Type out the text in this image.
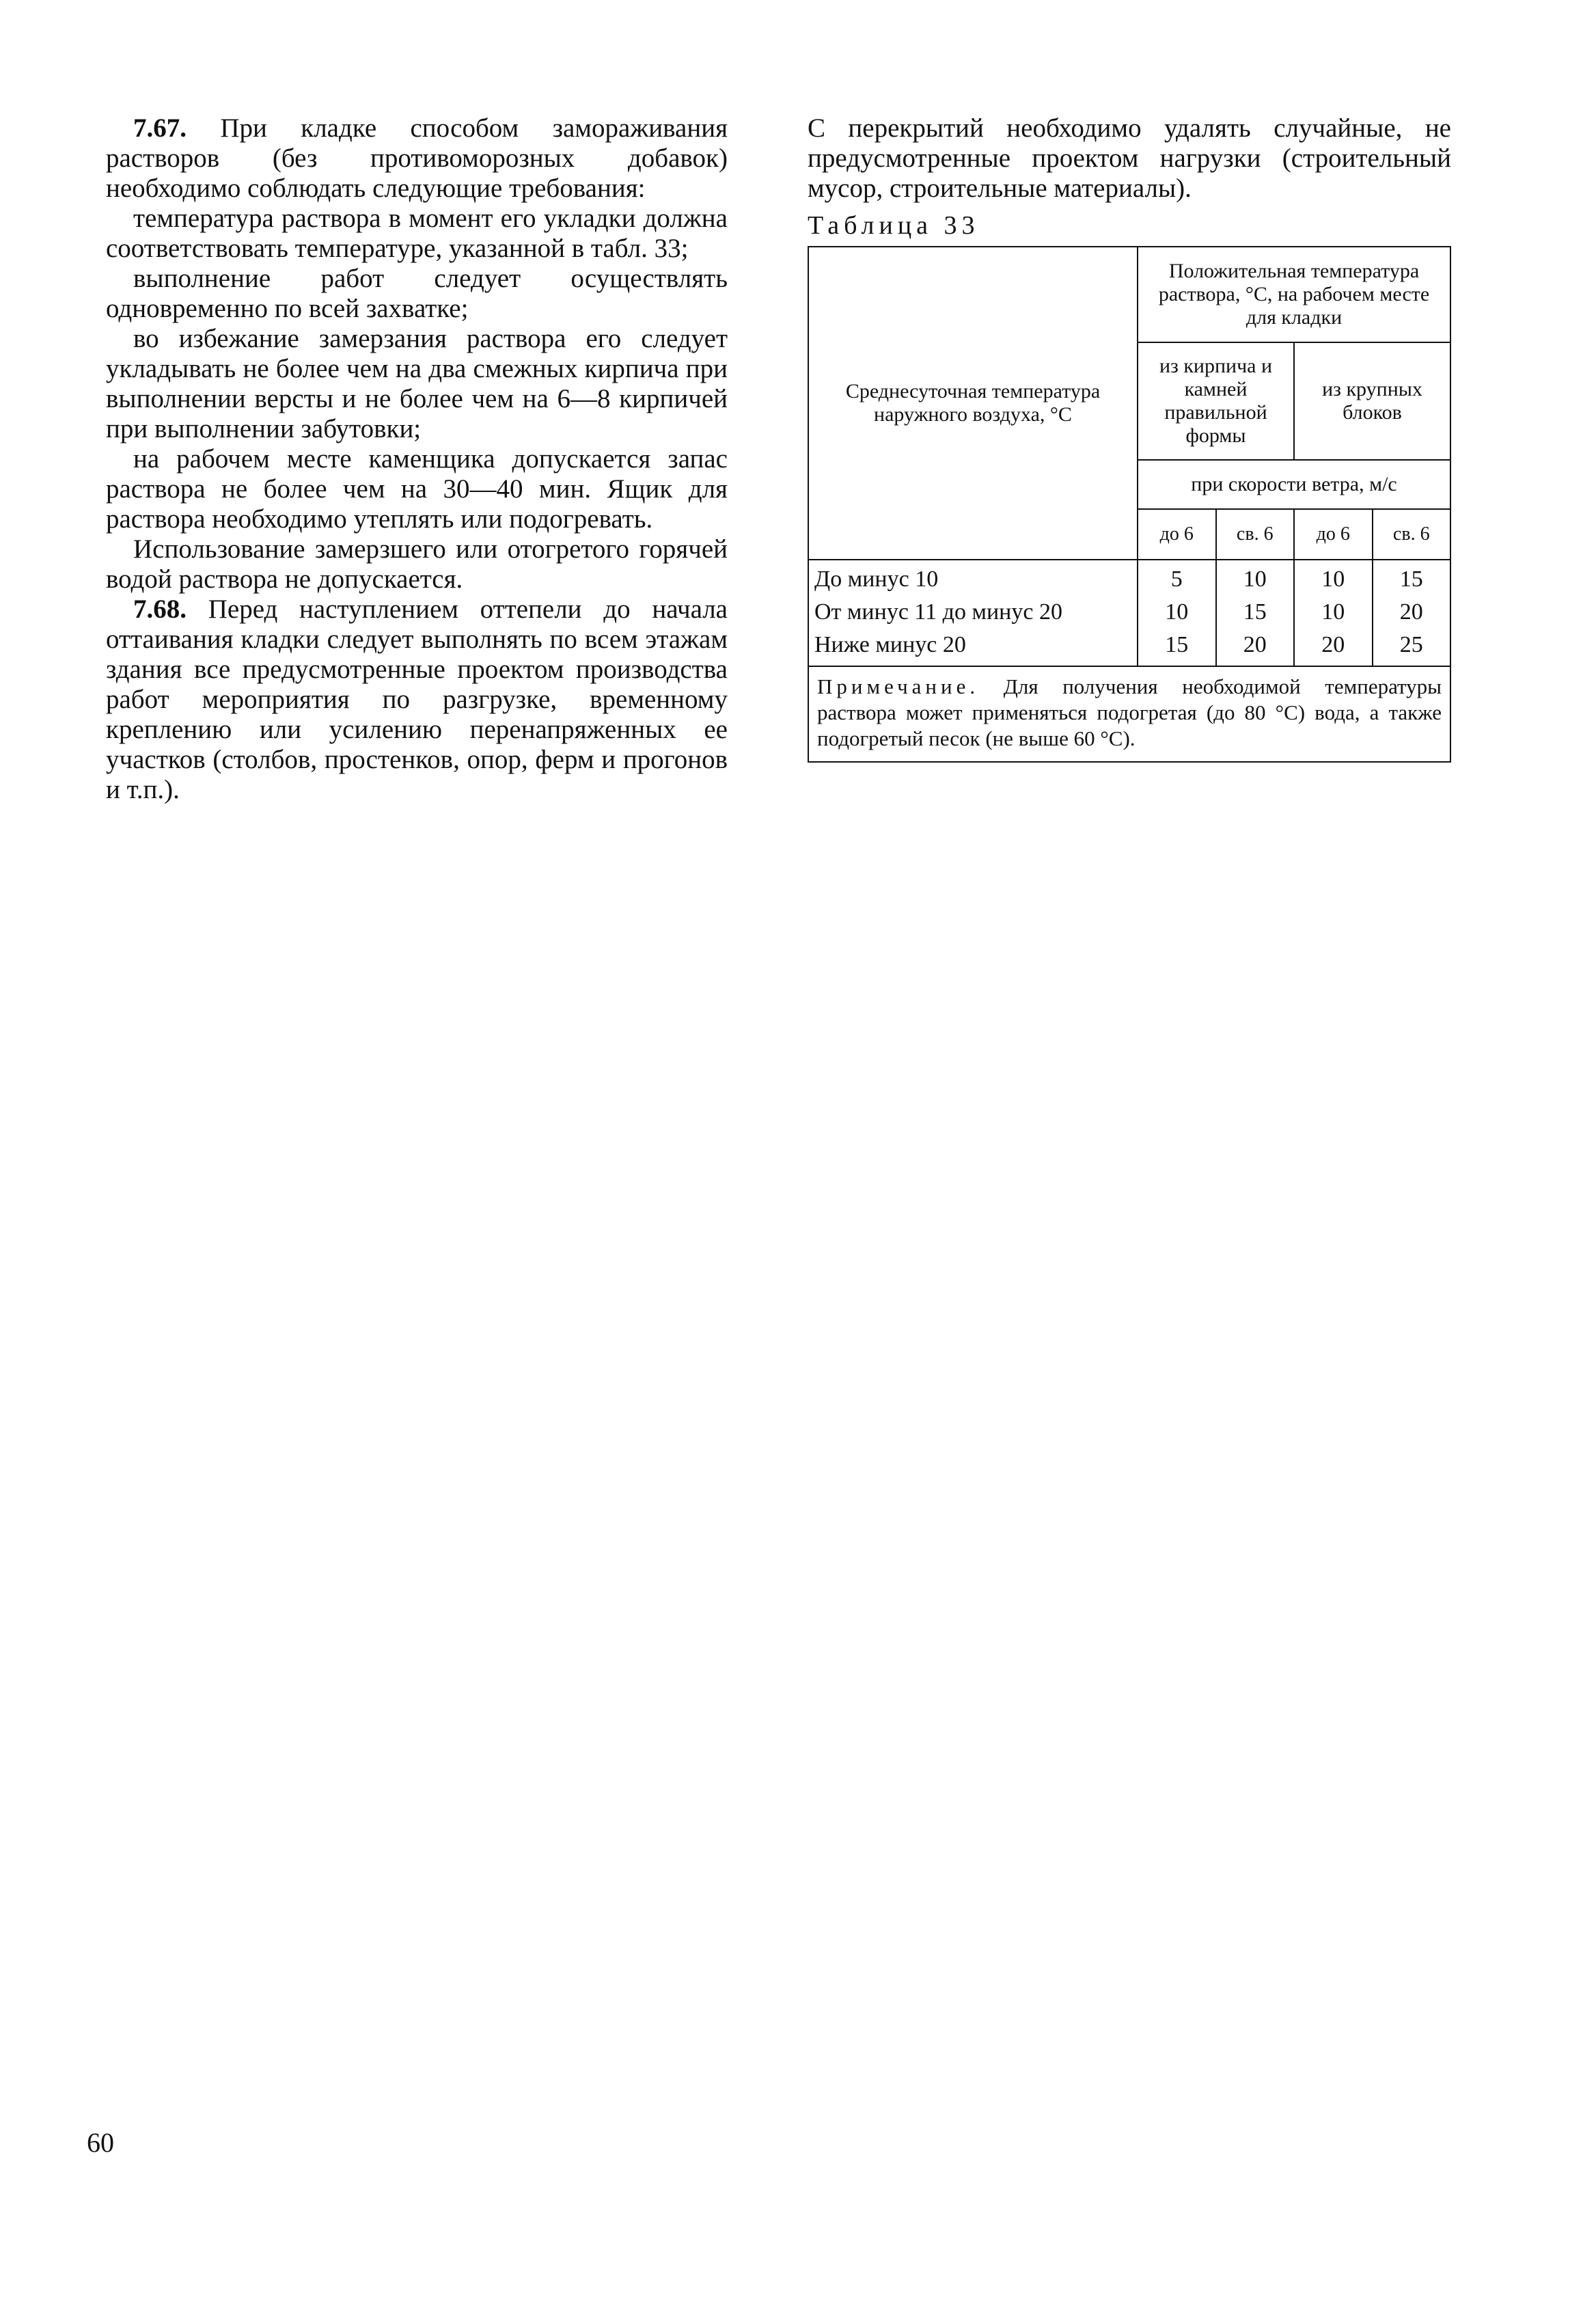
7.67. При кладке способом замораживания растворов (без противоморозных добавок) необходимо соблюдать следующие требования:

температура раствора в момент его укладки должна соответствовать температуре, указанной в табл. 33;

выполнение работ следует осуществлять одновременно по всей захватке;

во избежание замерзания раствора его следует укладывать не более чем на два смежных кирпича при выполнении версты и не более чем на 6—8 кирпичей при выполнении забутовки;

на рабочем месте каменщика допускается запас раствора не более чем на 30—40 мин. Ящик для раствора необходимо утеплять или подогревать.

Использование замерзшего или отогретого горячей водой раствора не допускается.

7.68. Перед наступлением оттепели до начала оттаивания кладки следует выполнять по всем этажам здания все предусмотренные проектом производства работ мероприятия по разгрузке, временному креплению или усилению перенапряженных ее участков (столбов, простенков, опор, ферм и прогонов и т.п.).

С перекрытий необходимо удалять случайные, не предусмотренные проектом нагрузки (строительный мусор, строительные материалы).

Таблица 33
Среднесуточная температура наружного воздуха, °С	Положительная температура раствора, °С, на рабочем месте для кладки			
	из кирпича и камней правильной формы		из крупных блоков	
	при скорости ветра, м/с			
	до 6	св. 6	до 6	св. 6
До минус 10	5	10	10	15
От минус 11 до минус 20	10	15	10	20
Ниже минус 20	15	20	20	25
Примечание. Для получения необходимой температуры раствора может применяться подогретая (до 80 °С) вода, а также подогретый песок (не выше 60 °С).				
60
